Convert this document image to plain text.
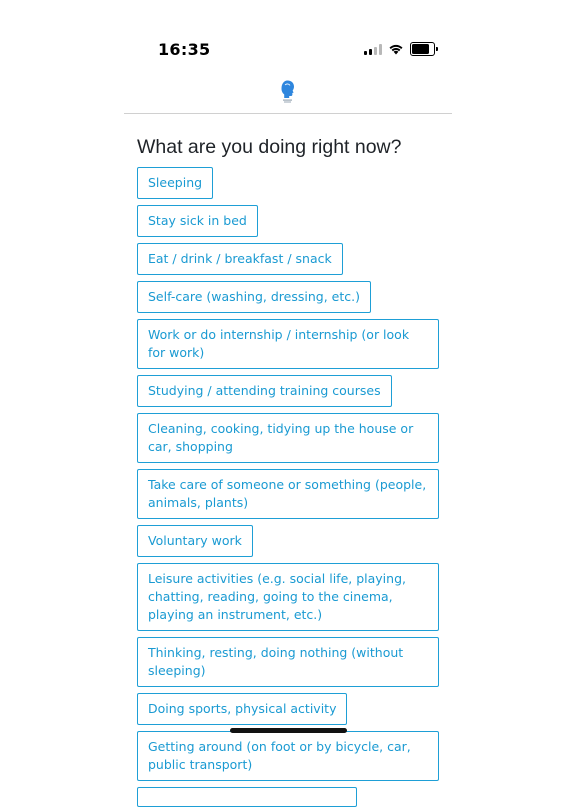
16:35
What are you doing right now?
Sleeping
Stay sick in bed
Eat / drink / breakfast / snack
Self-care (washing, dressing, etc.)
Work or do internship / internship (or look for work)
Studying / attending training courses
Cleaning, cooking, tidying up the house or car, shopping
Take care of someone or something (people, animals, plants)
Voluntary work
Leisure activities (e.g. social life, playing, chatting, reading, going to the cinema, playing an instrument, etc.)
Thinking, resting, doing nothing (without sleeping)
Doing sports, physical activity
Getting around (on foot or by bicycle, car, public transport)
